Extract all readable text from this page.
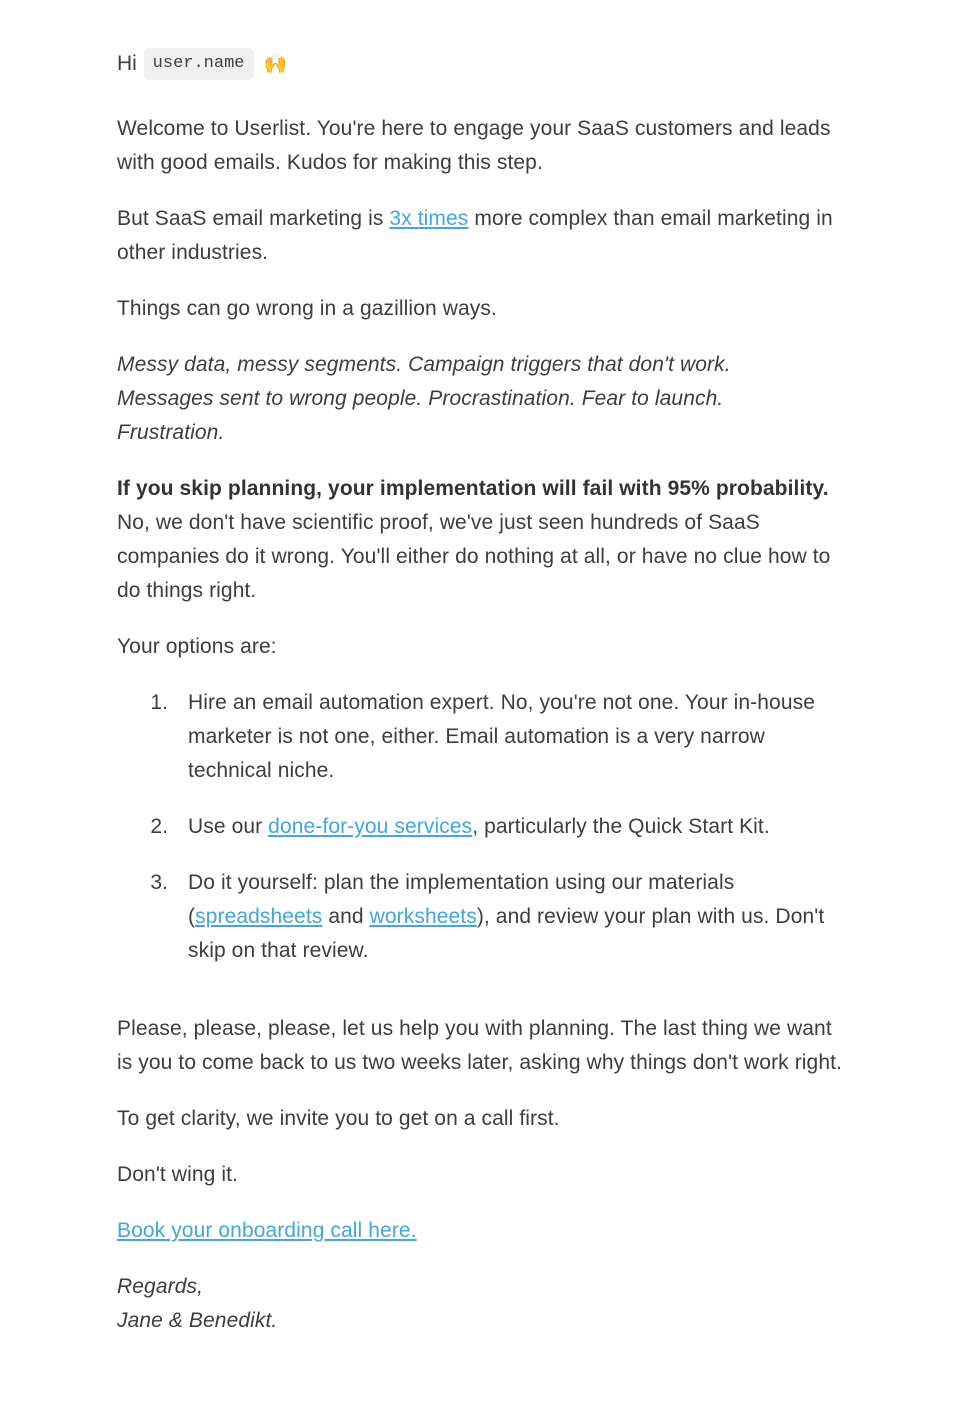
Hi user.name	🙌

Welcome to Userlist. You're here to engage your SaaS customers and leads with good emails. Kudos for making this step.

But SaaS email marketing is 3x times more complex than email marketing in other industries.

Things can go wrong in a gazillion ways.

Messy data, messy segments. Campaign triggers that don't work.
Messages sent to wrong people. Procrastination. Fear to launch.
Frustration.

If you skip planning, your implementation will fail with 95% probability. No, we don't have scientific proof, we've just seen hundreds of SaaS companies do it wrong. You'll either do nothing at all, or have no clue how to do things right.

Your options are:

1. Hire an email automation expert. No, you're not one. Your in-house marketer is not one, either. Email automation is a very narrow technical niche.
2. Use our done-for-you services, particularly the Quick Start Kit.
3. Do it yourself: plan the implementation using our materials (spreadsheets and worksheets), and review your plan with us. Don't skip on that review.

Please, please, please, let us help you with planning. The last thing we want is you to come back to us two weeks later, asking why things don't work right.

To get clarity, we invite you to get on a call first.

Don't wing it.

Book your onboarding call here.

Regards,
Jane & Benedikt.
